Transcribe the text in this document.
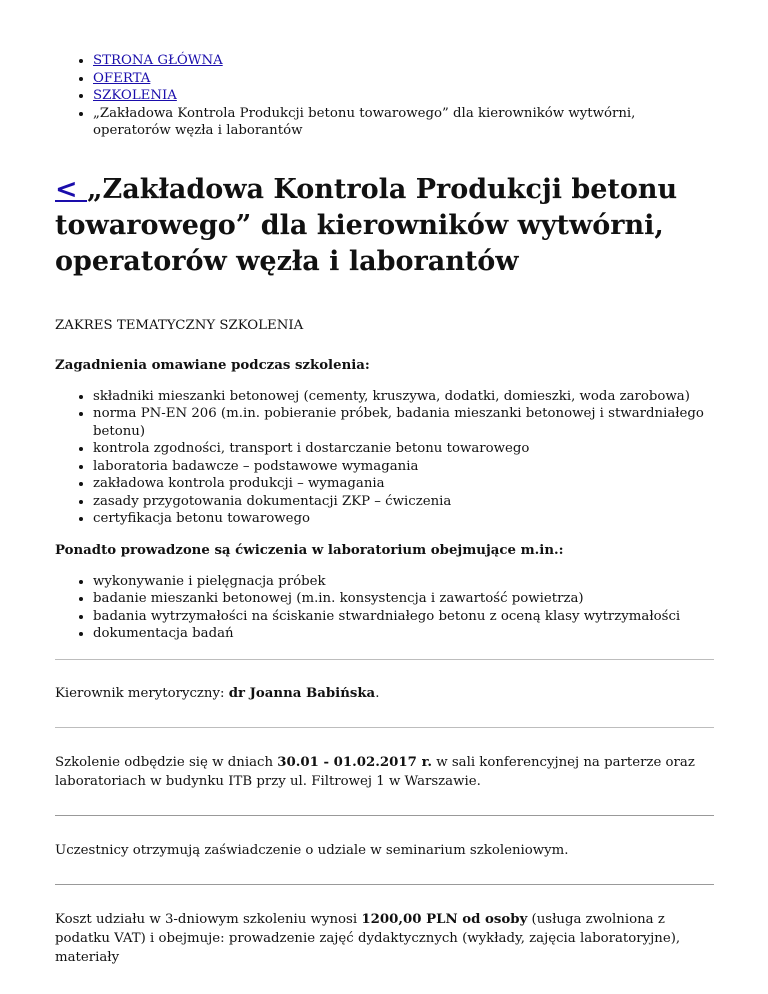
• STRONA GŁÓWNA
• OFERTA
• SZKOLENIA
• „Zakładowa Kontrola Produkcji betonu towarowego” dla kierowników wytwórni, operatorów węzła i laborantów
< „Zakładowa Kontrola Produkcji betonu towarowego” dla kierowników wytwórni, operatorów węzła i laborantów

ZAKRES TEMATYCZNY SZKOLENIA

Zagadnienia omawiane podczas szkolenia:

• składniki mieszanki betonowej (cementy, kruszywa, dodatki, domieszki, woda zarobowa)
• norma PN-EN 206 (m.in. pobieranie próbek, badania mieszanki betonowej i stwardniałego betonu)
• kontrola zgodności, transport i dostarczanie betonu towarowego
• laboratoria badawcze – podstawowe wymagania
• zakładowa kontrola produkcji – wymagania
• zasady przygotowania dokumentacji ZKP – ćwiczenia
• certyfikacja betonu towarowego

Ponadto prowadzone są ćwiczenia w laboratorium obejmujące m.in.:

• wykonywanie i pielęgnacja próbek
• badanie mieszanki betonowej (m.in. konsystencja i zawartość powietrza)
• badania wytrzymałości na ściskanie stwardniałego betonu z oceną klasy wytrzymałości
• dokumentacja badań

Kierownik merytoryczny: dr Joanna Babińska.

Szkolenie odbędzie się w dniach 30.01 - 01.02.2017 r. w sali konferencyjnej na parterze oraz laboratoriach w budynku ITB przy ul. Filtrowej 1 w Warszawie.

Uczestnicy otrzymują zaświadczenie o udziale w seminarium szkoleniowym.

Koszt udziału w 3-dniowym szkoleniu wynosi 1200,00 PLN od osoby (usługa zwolniona z podatku VAT) i obejmuje: prowadzenie zajęć dydaktycznych (wykłady, zajęcia laboratoryjne), materiały
